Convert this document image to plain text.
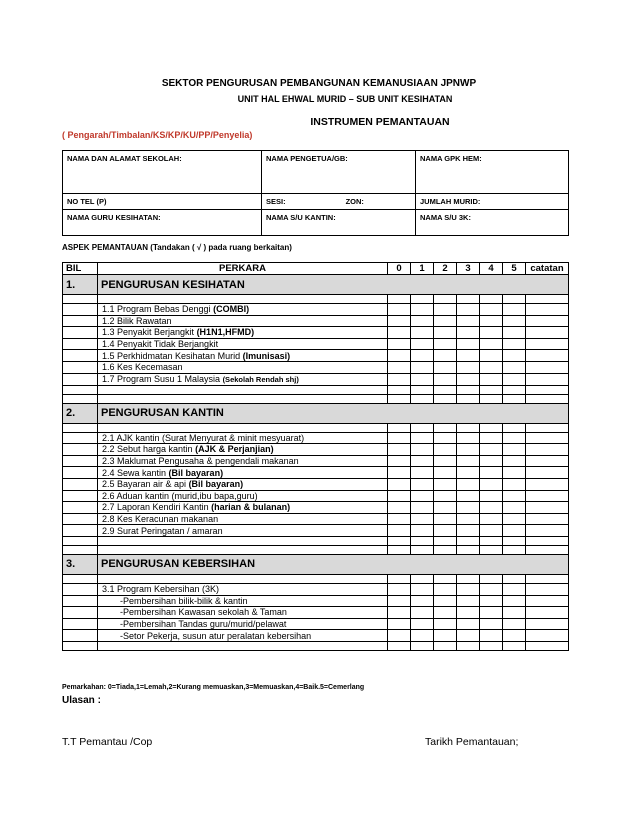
SEKTOR PENGURUSAN PEMBANGUNAN KEMANUSIAAN JPNWP
UNIT HAL EHWAL MURID – SUB UNIT KESIHATAN
INSTRUMEN PEMANTAUAN
( Pengarah/Timbalan/KS/KP/KU/PP/Penyelia)
NAMA DAN ALAMAT SEKOLAH:	NAMA PENGETUA/GB:	NAMA GPK HEM:
NO TEL (P)	SESI: ZON:	JUMLAH MURID:
NAMA GURU KESIHATAN:	NAMA S/U KANTIN:	NAMA S/U 3K:
ASPEK PEMANTAUAN (Tandakan ( √ ) pada ruang berkaitan)
BIL	PERKARA	0	1	2	3	4	5	catatan
1.	PENGURUSAN KESIHATAN							

	1.1 Program Bebas Denggi (COMBI)							
	1.2 Bilik Rawatan							
	1.3 Penyakit Berjangkit (H1N1,HFMD)							
	1.4 Penyakit Tidak Berjangkit							
	1.5 Perkhidmatan Kesihatan Murid (Imunisasi)							
	1.6 Kes Kecemasan							
	1.7 Program Susu 1 Malaysia (Sekolah Rendah shj)							

2.	PENGURUSAN KANTIN							

	2.1 AJK kantin (Surat Menyurat & minit mesyuarat)							
	2.2 Sebut harga kantin (AJK & Perjanjian)							
	2.3 Maklumat Pengusaha & pengendali makanan							
	2.4 Sewa kantin (Bil bayaran)							
	2.5 Bayaran air & api (Bil bayaran)							
	2.6 Aduan kantin (murid,ibu bapa,guru)							
	2.7 Laporan Kendiri Kantin (harian & bulanan)							
	2.8 Kes Keracunan makanan							
	2.9 Surat Peringatan / amaran							

3.	PENGURUSAN KEBERSIHAN							

	3.1 Program Kebersihan (3K)							
	-Pembersihan bilik-bilik & kantin							
	-Pembersihan Kawasan sekolah & Taman							
	-Pembersihan Tandas guru/murid/pelawat							
	-Setor Pekerja, susun atur peralatan kebersihan							

Pemarkahan: 0=Tiada,1=Lemah,2=Kurang memuaskan,3=Memuaskan,4=Baik.5=Cemerlang
Ulasan :
T.T Pemantau /Cop	Tarikh Pemantauan;
